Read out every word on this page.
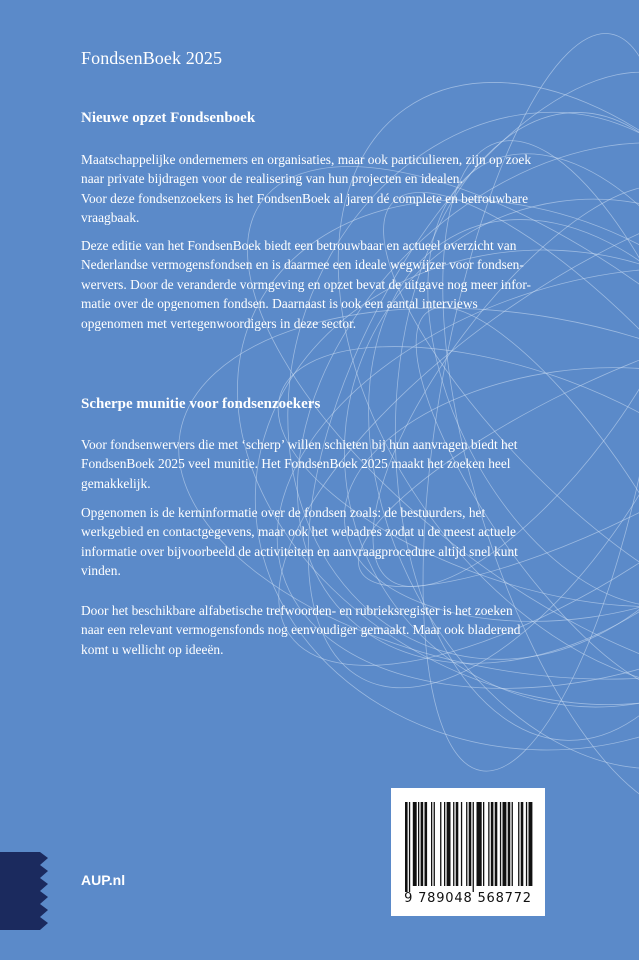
FondsenBoek 2025
Nieuwe opzet Fondsenboek

Maatschappelijke ondernemers en organisaties, maar ook particulieren, zijn op zoek
naar private bijdragen voor de realisering van hun projecten en idealen.
Voor deze fondsenzoekers is het FondsenBoek al jaren dé complete en betrouwbare
vraagbaak.

Deze editie van het FondsenBoek biedt een betrouwbaar en actueel overzicht van
Nederlandse vermogensfondsen en is daarmee een ideale wegwijzer voor fondsen-
wervers. Door de veranderde vormgeving en opzet bevat de uitgave nog meer infor-
matie over de opgenomen fondsen. Daarnaast is ook een aantal interviews
opgenomen met vertegenwoordigers in deze sector.

Scherpe munitie voor fondsenzoekers

Voor fondsenwervers die met ‘scherp’ willen schieten bij hun aanvragen biedt het
FondsenBoek 2025 veel munitie. Het FondsenBoek 2025 maakt het zoeken heel
gemakkelijk.

Opgenomen is de kerninformatie over de fondsen zoals: de bestuurders, het
werkgebied en contactgegevens, maar ook het webadres zodat u de meest actuele
informatie over bijvoorbeeld de activiteiten en aanvraagprocedure altijd snel kunt
vinden.

Door het beschikbare alfabetische trefwoorden- en rubrieksregister is het zoeken
naar een relevant vermogensfonds nog eenvoudiger gemaakt. Maar ook bladerend
komt u wellicht op ideeën.

9 789048 568772
AUP.nl
